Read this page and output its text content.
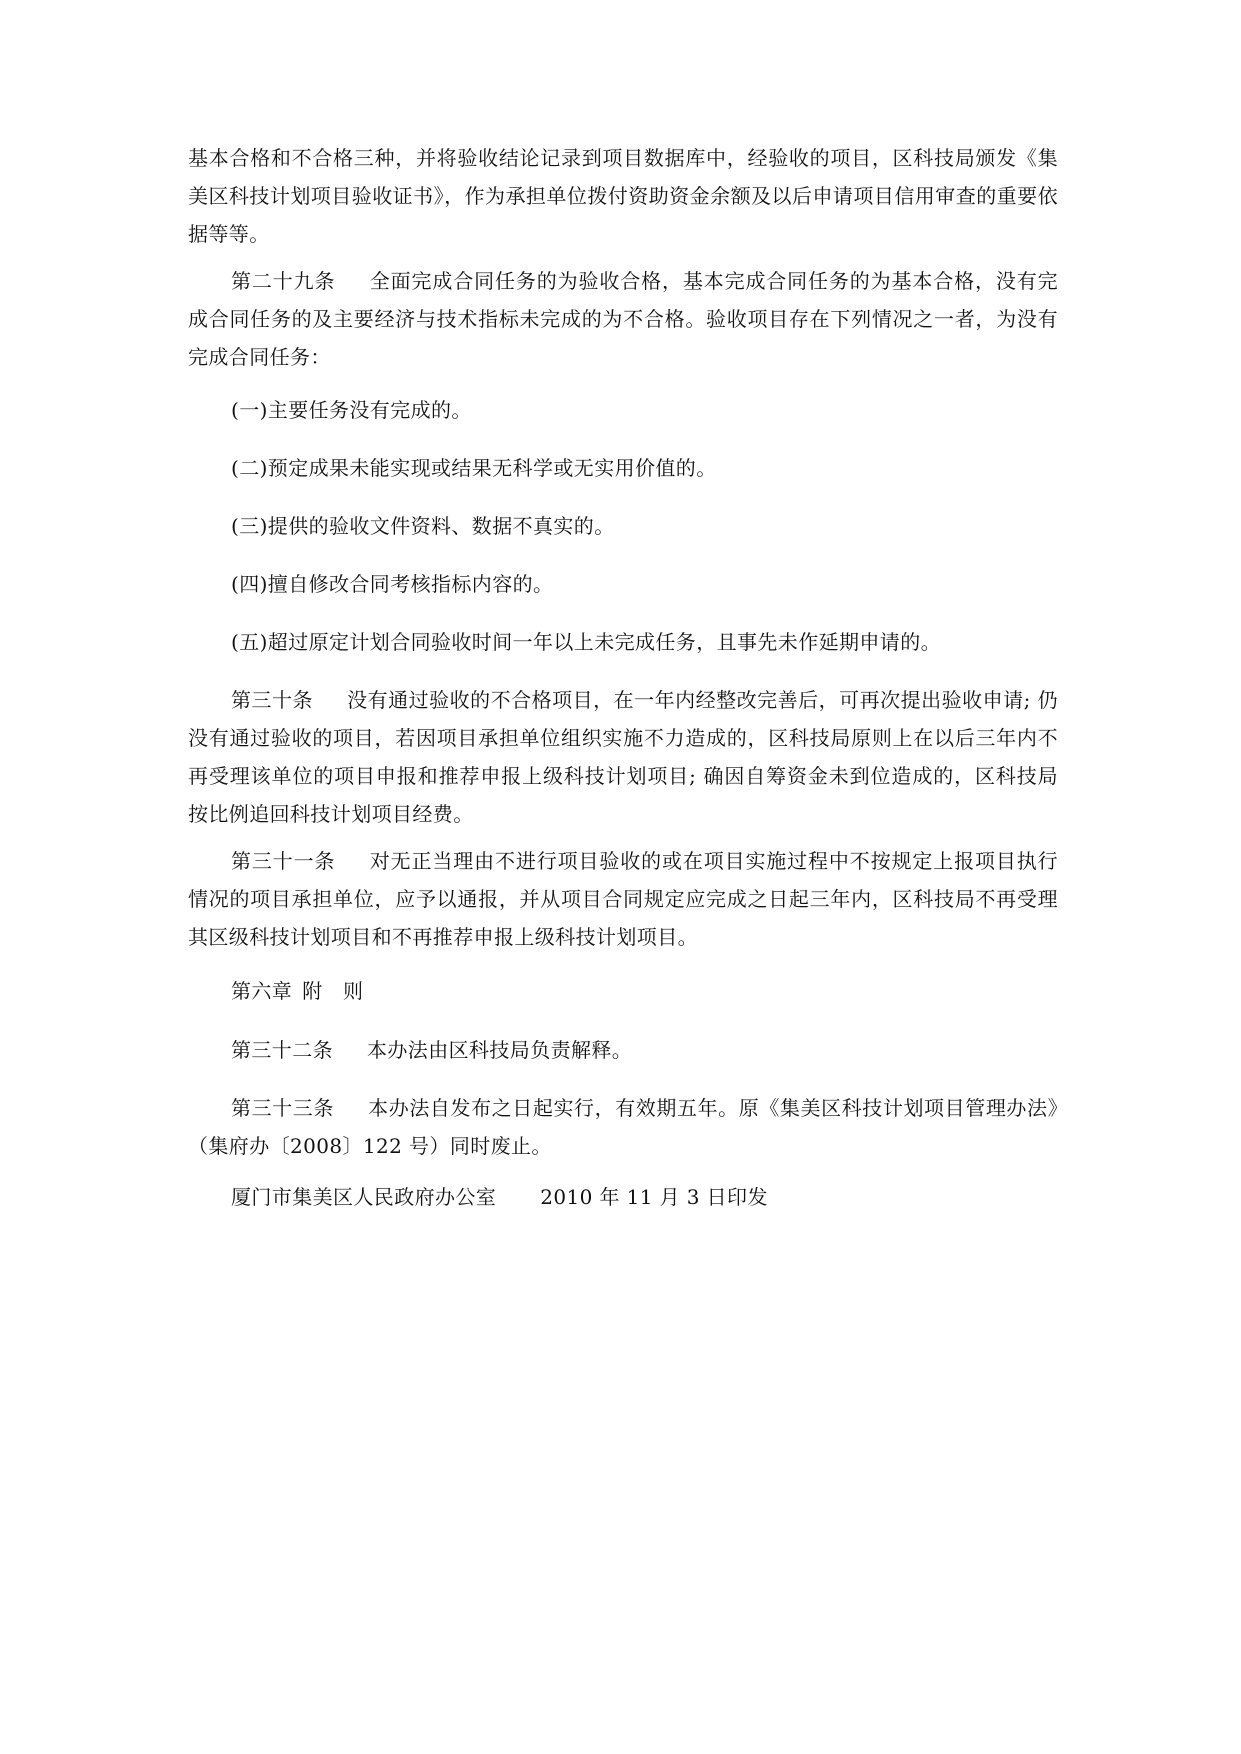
基本合格和不合格三种，并将验收结论记录到项目数据库中，经验收的项目，区科技局颁发《集美区科技计划项目验收证书》，作为承担单位拨付资助资金余额及以后申请项目信用审查的重要依据等等。

第二十九条 全面完成合同任务的为验收合格，基本完成合同任务的为基本合格，没有完成合同任务的及主要经济与技术指标未完成的为不合格。验收项目存在下列情况之一者，为没有完成合同任务：

(一)主要任务没有完成的。

(二)预定成果未能实现或结果无科学或无实用价值的。

(三)提供的验收文件资料、数据不真实的。

(四)擅自修改合同考核指标内容的。

(五)超过原定计划合同验收时间一年以上未完成任务，且事先未作延期申请的。

第三十条 没有通过验收的不合格项目，在一年内经整改完善后，可再次提出验收申请; 仍没有通过验收的项目，若因项目承担单位组织实施不力造成的，区科技局原则上在以后三年内不再受理该单位的项目申报和推荐申报上级科技计划项目; 确因自筹资金未到位造成的，区科技局按比例追回科技计划项目经费。

第三十一条 对无正当理由不进行项目验收的或在项目实施过程中不按规定上报项目执行情况的项目承担单位，应予以通报，并从项目合同规定应完成之日起三年内，区科技局不再受理其区级科技计划项目和不再推荐申报上级科技计划项目。

第六章 附　则

第三十二条 本办法由区科技局负责解释。

第三十三条 本办法自发布之日起实行，有效期五年。原《集美区科技计划项目管理办法》（集府办〔2008〕122 号）同时废止。

厦门市集美区人民政府办公室 2010 年 11 月 3 日印发
